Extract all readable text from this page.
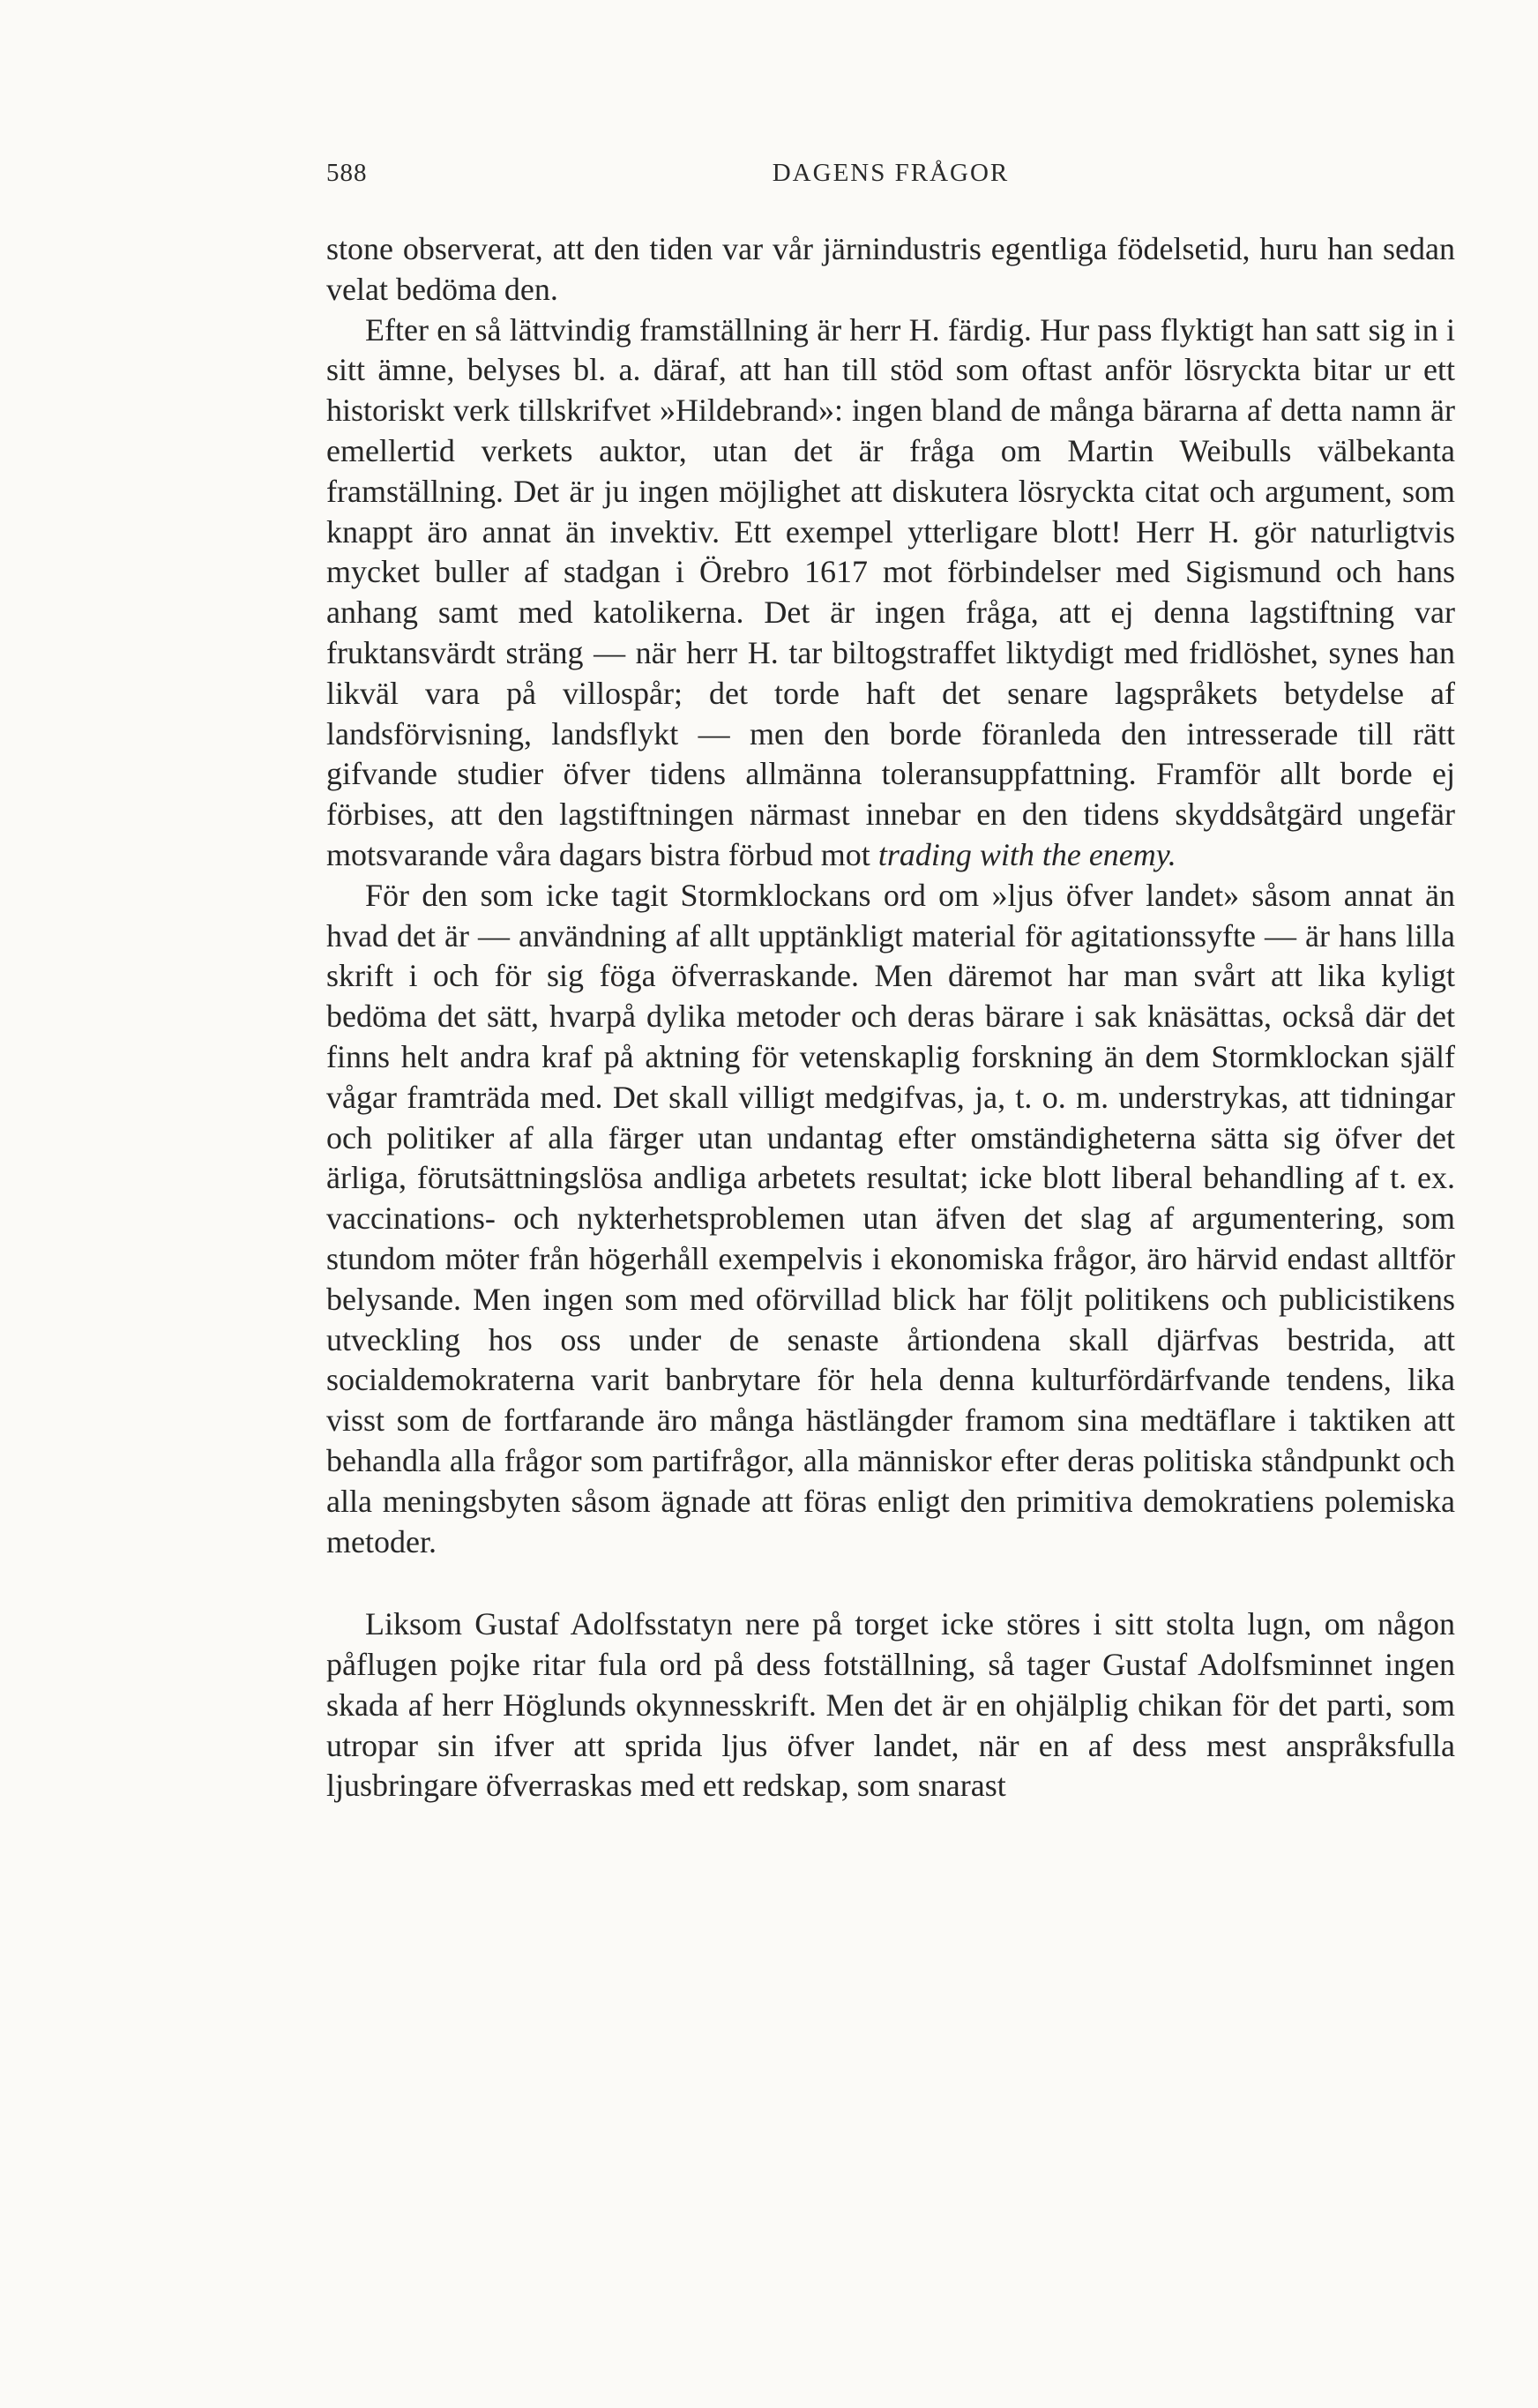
588	DAGENS FRÅGOR

stone observerat, att den tiden var vår järnindustris egentliga födelsetid, huru han sedan velat bedöma den.

Efter en så lättvindig framställning är herr H. färdig. Hur pass flyktigt han satt sig in i sitt ämne, belyses bl. a. däraf, att han till stöd som oftast anför lösryckta bitar ur ett historiskt verk tillskrifvet »Hildebrand»: ingen bland de många bärarna af detta namn är emellertid verkets auktor, utan det är fråga om Martin Weibulls välbekanta framställning. Det är ju ingen möjlighet att diskutera lösryckta citat och argument, som knappt äro annat än invektiv. Ett exempel ytterligare blott! Herr H. gör naturligtvis mycket buller af stadgan i Örebro 1617 mot förbindelser med Sigismund och hans anhang samt med katolikerna. Det är ingen fråga, att ej denna lagstiftning var fruktansvärdt sträng — när herr H. tar biltogstraffet liktydigt med fridlöshet, synes han likväl vara på villospår; det torde haft det senare lagspråkets betydelse af landsförvisning, landsflykt — men den borde föranleda den intresserade till rätt gifvande studier öfver tidens allmänna toleransuppfattning. Framför allt borde ej förbises, att den lagstiftningen närmast innebar en den tidens skyddsåtgärd ungefär motsvarande våra dagars bistra förbud mot trading with the enemy.

För den som icke tagit Stormklockans ord om »ljus öfver landet» såsom annat än hvad det är — användning af allt upptänkligt material för agitationssyfte — är hans lilla skrift i och för sig föga öfverraskande. Men däremot har man svårt att lika kyligt bedöma det sätt, hvarpå dylika metoder och deras bärare i sak knäsättas, också där det finns helt andra kraf på aktning för vetenskaplig forskning än dem Stormklockan själf vågar framträda med. Det skall villigt medgifvas, ja, t. o. m. understrykas, att tidningar och politiker af alla färger utan undantag efter omständigheterna sätta sig öfver det ärliga, förutsättningslösa andliga arbetets resultat; icke blott liberal behandling af t. ex. vaccinations- och nykterhetsproblemen utan äfven det slag af argumentering, som stundom möter från högerhåll exempelvis i ekonomiska frågor, äro härvid endast alltför belysande. Men ingen som med oförvillad blick har följt politikens och publicistikens utveckling hos oss under de senaste årtiondena skall djärfvas bestrida, att socialdemokraterna varit banbrytare för hela denna kulturfördärfvande tendens, lika visst som de fortfarande äro många hästlängder framom sina medtäflare i taktiken att behandla alla frågor som partifrågor, alla människor efter deras politiska ståndpunkt och alla meningsbyten såsom ägnade att föras enligt den primitiva demokratiens polemiska metoder.

Liksom Gustaf Adolfsstatyn nere på torget icke störes i sitt stolta lugn, om någon påflugen pojke ritar fula ord på dess fotställning, så tager Gustaf Adolfsminnet ingen skada af herr Höglunds okynnesskrift. Men det är en ohjälplig chikan för det parti, som utropar sin ifver att sprida ljus öfver landet, när en af dess mest anspråksfulla ljusbringare öfverraskas med ett redskap, som snarast
